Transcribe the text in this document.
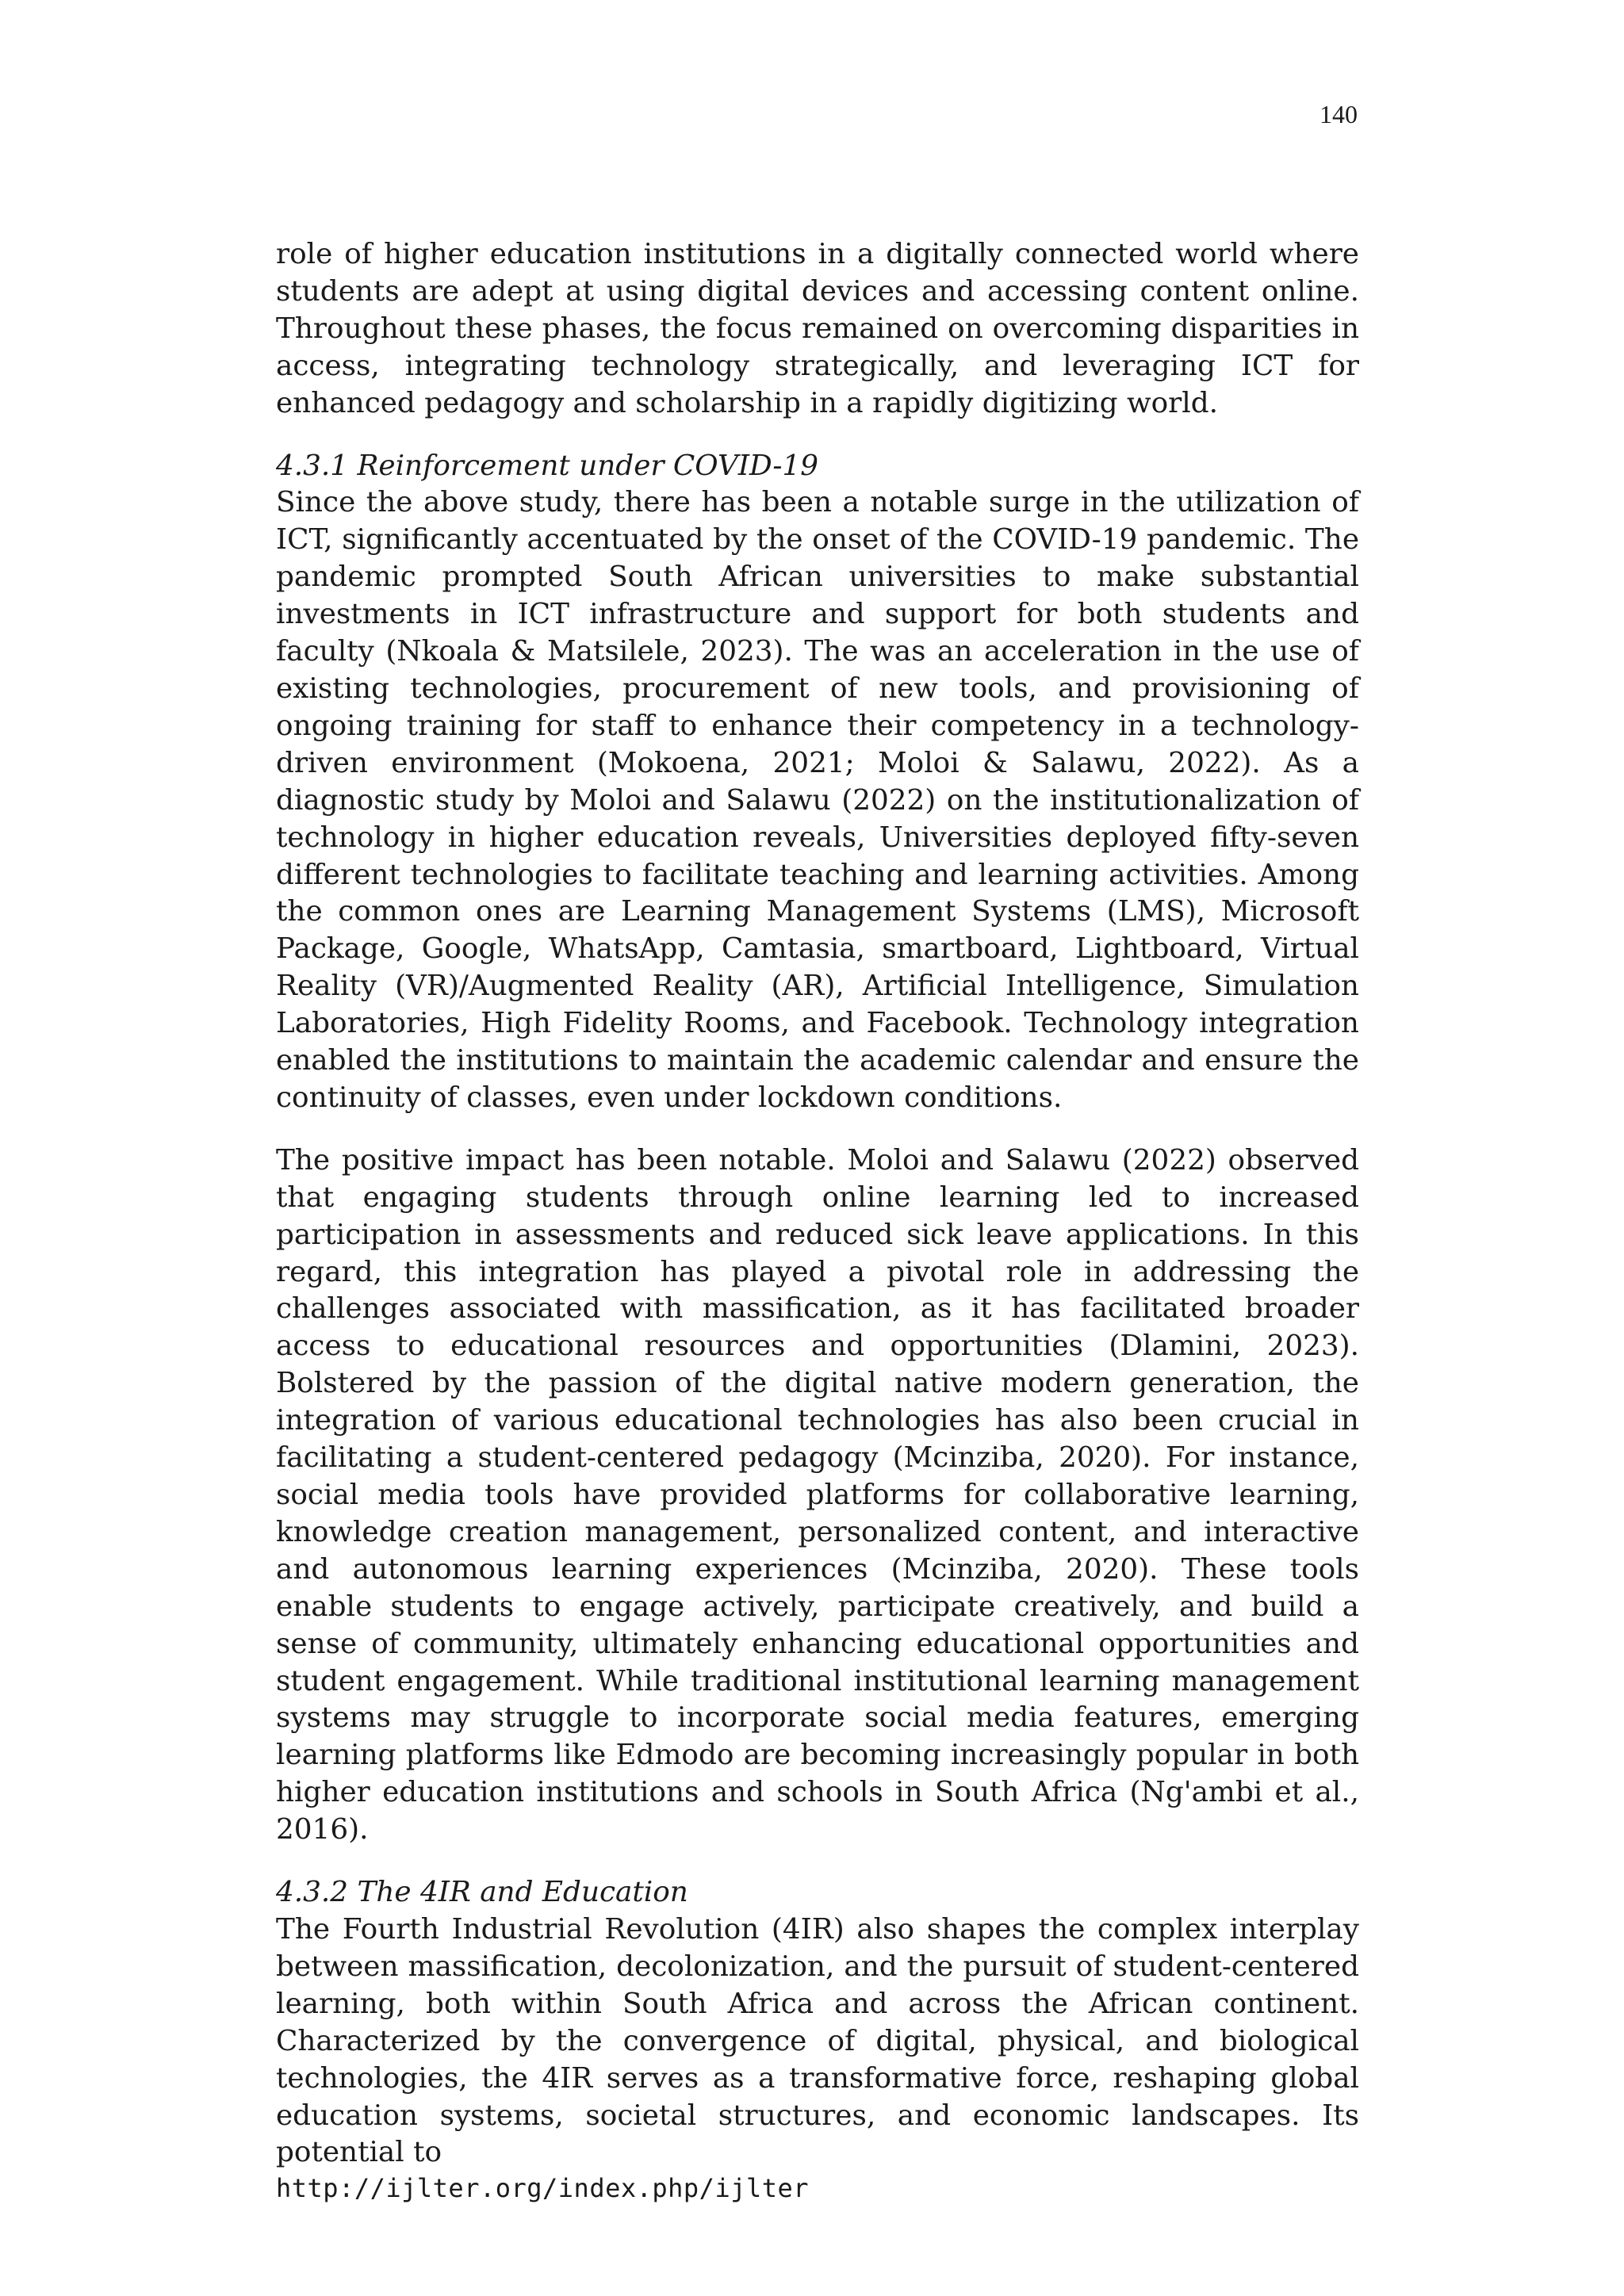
140

role of higher education institutions in a digitally connected world where students are adept at using digital devices and accessing content online. Throughout these phases, the focus remained on overcoming disparities in access, integrating technology strategically, and leveraging ICT for enhanced pedagogy and scholarship in a rapidly digitizing world.

4.3.1 Reinforcement under COVID-19

Since the above study, there has been a notable surge in the utilization of ICT, significantly accentuated by the onset of the COVID-19 pandemic. The pandemic prompted South African universities to make substantial investments in ICT infrastructure and support for both students and faculty (Nkoala & Matsilele, 2023). The was an acceleration in the use of existing technologies, procurement of new tools, and provisioning of ongoing training for staff to enhance their competency in a technology-driven environment (Mokoena, 2021; Moloi & Salawu, 2022). As a diagnostic study by Moloi and Salawu (2022) on the institutionalization of technology in higher education reveals, Universities deployed fifty-seven different technologies to facilitate teaching and learning activities. Among the common ones are Learning Management Systems (LMS), Microsoft Package, Google, WhatsApp, Camtasia, smartboard, Lightboard, Virtual Reality (VR)/Augmented Reality (AR), Artificial Intelligence, Simulation Laboratories, High Fidelity Rooms, and Facebook. Technology integration enabled the institutions to maintain the academic calendar and ensure the continuity of classes, even under lockdown conditions.

The positive impact has been notable. Moloi and Salawu (2022) observed that engaging students through online learning led to increased participation in assessments and reduced sick leave applications. In this regard, this integration has played a pivotal role in addressing the challenges associated with massification, as it has facilitated broader access to educational resources and opportunities (Dlamini, 2023). Bolstered by the passion of the digital native modern generation, the integration of various educational technologies has also been crucial in facilitating a student-centered pedagogy (Mcinziba, 2020). For instance, social media tools have provided platforms for collaborative learning, knowledge creation management, personalized content, and interactive and autonomous learning experiences (Mcinziba, 2020). These tools enable students to engage actively, participate creatively, and build a sense of community, ultimately enhancing educational opportunities and student engagement. While traditional institutional learning management systems may struggle to incorporate social media features, emerging learning platforms like Edmodo are becoming increasingly popular in both higher education institutions and schools in South Africa (Ng'ambi et al., 2016).

4.3.2 The 4IR and Education

The Fourth Industrial Revolution (4IR) also shapes the complex interplay between massification, decolonization, and the pursuit of student-centered learning, both within South Africa and across the African continent. Characterized by the convergence of digital, physical, and biological technologies, the 4IR serves as a transformative force, reshaping global education systems, societal structures, and economic landscapes. Its potential to

http://ijlter.org/index.php/ijlter
